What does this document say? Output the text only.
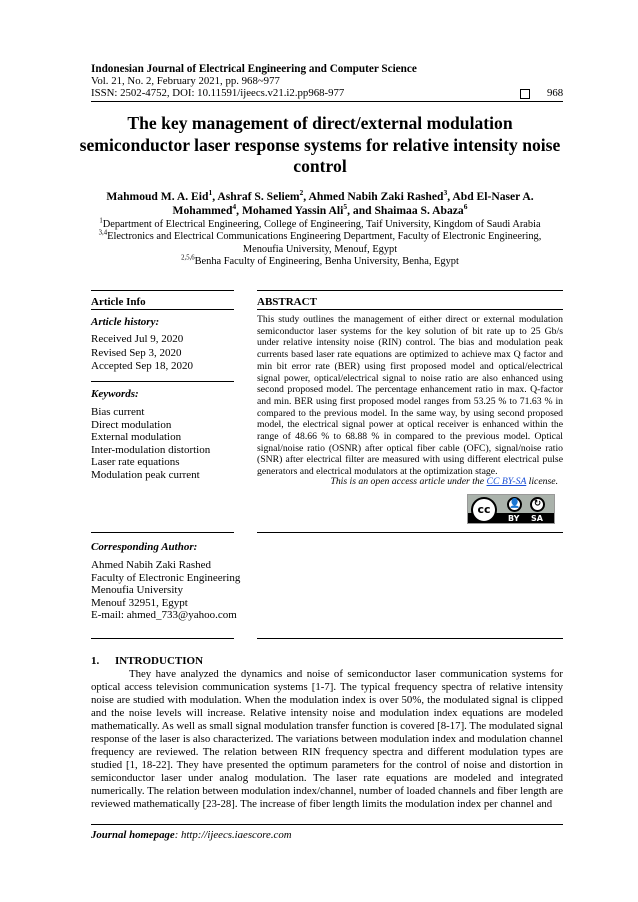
Indonesian Journal of Electrical Engineering and Computer Science
Vol. 21, No. 2, February 2021, pp. 968~977
ISSN: 2502-4752, DOI: 10.11591/ijeecs.v21.i2.pp968-977	968
The key management of direct/external modulation semiconductor laser response systems for relative intensity noise control
Mahmoud M. A. Eid$^1$, Ashraf S. Seliem$^2$, Ahmed Nabih Zaki Rashed$^3$, Abd El-Naser A. Mohammed$^4$, Mohamed Yassin Ali$^5$, and Shaimaa S. Abaza$^6$
$^1$Department of Electrical Engineering, College of Engineering, Taif University, Kingdom of Saudi Arabia
$^{3,4}$Electronics and Electrical Communications Engineering Department, Faculty of Electronic Engineering, Menoufia University, Menouf, Egypt
$^{2,5,6}$Benha Faculty of Engineering, Benha University, Benha, Egypt
Article Info	ABSTRACT
Article history:
Received Jul 9, 2020
Revised Sep 3, 2020
Accepted Sep 18, 2020
Keywords:
Bias current
Direct modulation
External modulation
Inter-modulation distortion
Laser rate equations
Modulation peak current
This study outlines the management of either direct or external modulation semiconductor laser systems for the key solution of bit rate up to 25 Gb/s under relative intensity noise (RIN) control. The bias and modulation peak currents based laser rate equations are optimized to achieve max Q factor and min bit error rate (BER) using first proposed model and optical/electrical signal power, optical/electrical signal to noise ratio are also enhanced using second proposed model. The percentage enhancement ratio in max. Q-factor and min. BER using first proposed model ranges from 53.25 % to 71.63 % in compared to the previous model. In the same way, by using second proposed model, the electrical signal power at optical receiver is enhanced within the range of 48.66 % to 68.88 % in compared to the previous model. Optical signal/noise ratio (OSNR) after optical fiber cable (OFC), signal/noise ratio (SNR) after electrical filter are measured with using different electrical pulse generators and electrical modulators at the optimization stage.
This is an open access article under the CC BY-SA license.
cc	👤	↻
BY SA
Corresponding Author:
Ahmed Nabih Zaki Rashed
Faculty of Electronic Engineering
Menoufia University
Menouf 32951, Egypt
E-mail: ahmed_733@yahoo.com
1. INTRODUCTION
They have analyzed the dynamics and noise of semiconductor laser communication systems for optical access television communication systems [1-7]. The typical frequency spectra of relative intensity noise are studied with modulation. When the modulation index is over 50%, the modulated signal is clipped and the noise levels will increase. Relative intensity noise and modulation index equations are modeled mathematically. As well as small signal modulation transfer function is covered [8-17]. The modulated signal response of the laser is also characterized. The variations between modulation index and modulation channel frequency are reviewed. The relation between RIN frequency spectra and different modulation types are studied [1, 18-22]. They have presented the optimum parameters for the control of noise and distortion in semiconductor laser under analog modulation. The laser rate equations are modeled and integrated numerically. The relation between modulation index/channel, number of loaded channels and fiber length are reviewed mathematically [23-28]. The increase of fiber length limits the modulation index per channel and
Journal homepage: http://ijeecs.iaescore.com
